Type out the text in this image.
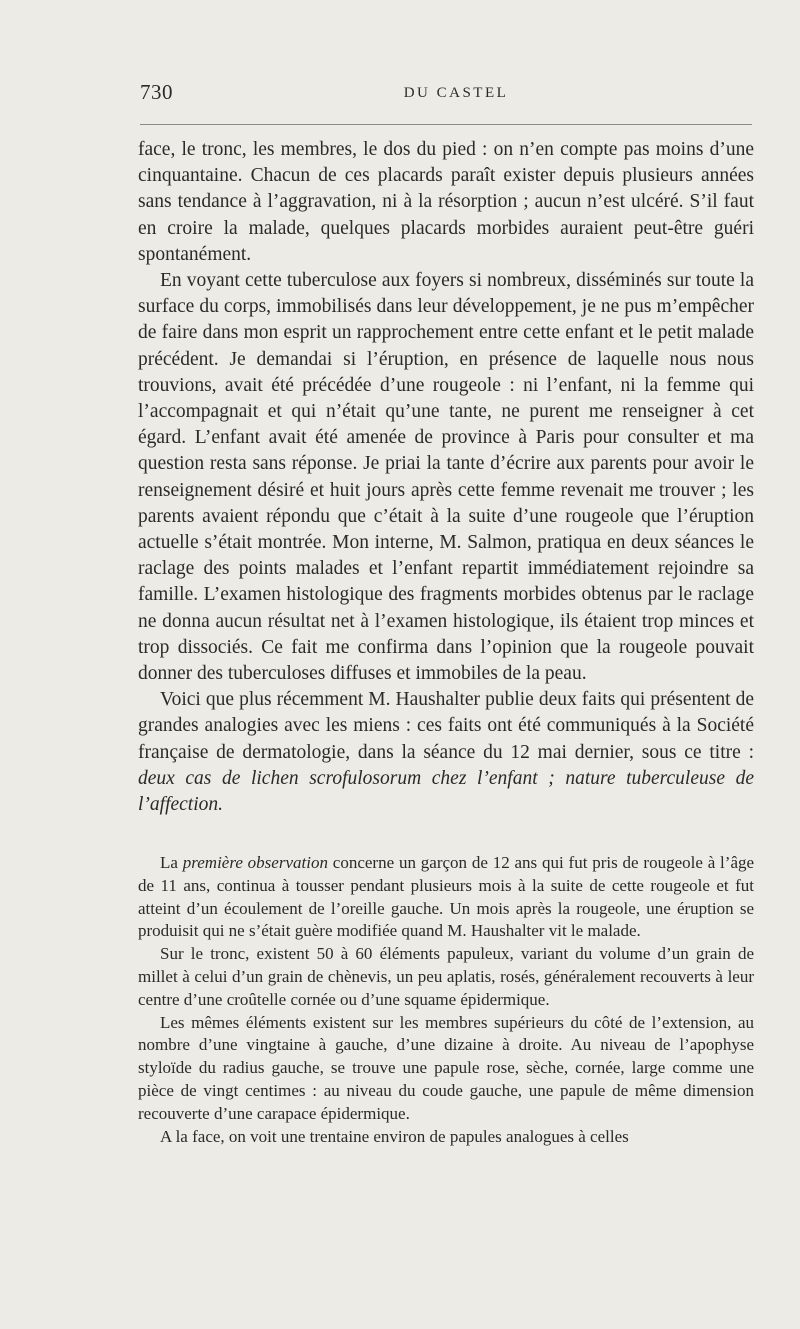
730	DU CASTEL

face, le tronc, les membres, le dos du pied : on n’en compte pas moins d’une cinquantaine. Chacun de ces placards paraît exister depuis plusieurs années sans tendance à l’aggravation, ni à la résorption ; aucun n’est ulcéré. S’il faut en croire la malade, quelques placards morbides auraient peut-être guéri spontanément.

En voyant cette tuberculose aux foyers si nombreux, disséminés sur toute la surface du corps, immobilisés dans leur développement, je ne pus m’empêcher de faire dans mon esprit un rapprochement entre cette enfant et le petit malade précédent. Je demandai si l’éruption, en présence de laquelle nous nous trouvions, avait été précédée d’une rougeole : ni l’enfant, ni la femme qui l’accompagnait et qui n’était qu’une tante, ne purent me renseigner à cet égard. L’enfant avait été amenée de province à Paris pour consulter et ma question resta sans réponse. Je priai la tante d’écrire aux parents pour avoir le renseignement désiré et huit jours après cette femme revenait me trouver ; les parents avaient répondu que c’était à la suite d’une rougeole que l’éruption actuelle s’était montrée. Mon interne, M. Salmon, pratiqua en deux séances le raclage des points malades et l’enfant repartit immédiatement rejoindre sa famille. L’examen histologique des fragments morbides obtenus par le raclage ne donna aucun résultat net à l’examen histologique, ils étaient trop minces et trop dissociés. Ce fait me confirma dans l’opinion que la rougeole pouvait donner des tuberculoses diffuses et immobiles de la peau.

Voici que plus récemment M. Haushalter publie deux faits qui présentent de grandes analogies avec les miens : ces faits ont été communiqués à la Société française de dermatologie, dans la séance du 12 mai dernier, sous ce titre : deux cas de lichen scrofulosorum chez l’enfant ; nature tuberculeuse de l’affection.

La première observation concerne un garçon de 12 ans qui fut pris de rougeole à l’âge de 11 ans, continua à tousser pendant plusieurs mois à la suite de cette rougeole et fut atteint d’un écoulement de l’oreille gauche. Un mois après la rougeole, une éruption se produisit qui ne s’était guère modifiée quand M. Haushalter vit le malade.

Sur le tronc, existent 50 à 60 éléments papuleux, variant du volume d’un grain de millet à celui d’un grain de chènevis, un peu aplatis, rosés, généralement recouverts à leur centre d’une croûtelle cornée ou d’une squame épidermique.

Les mêmes éléments existent sur les membres supérieurs du côté de l’extension, au nombre d’une vingtaine à gauche, d’une dizaine à droite. Au niveau de l’apophyse styloïde du radius gauche, se trouve une papule rose, sèche, cornée, large comme une pièce de vingt centimes : au niveau du coude gauche, une papule de même dimension recouverte d’une carapace épidermique.

A la face, on voit une trentaine environ de papules analogues à celles
